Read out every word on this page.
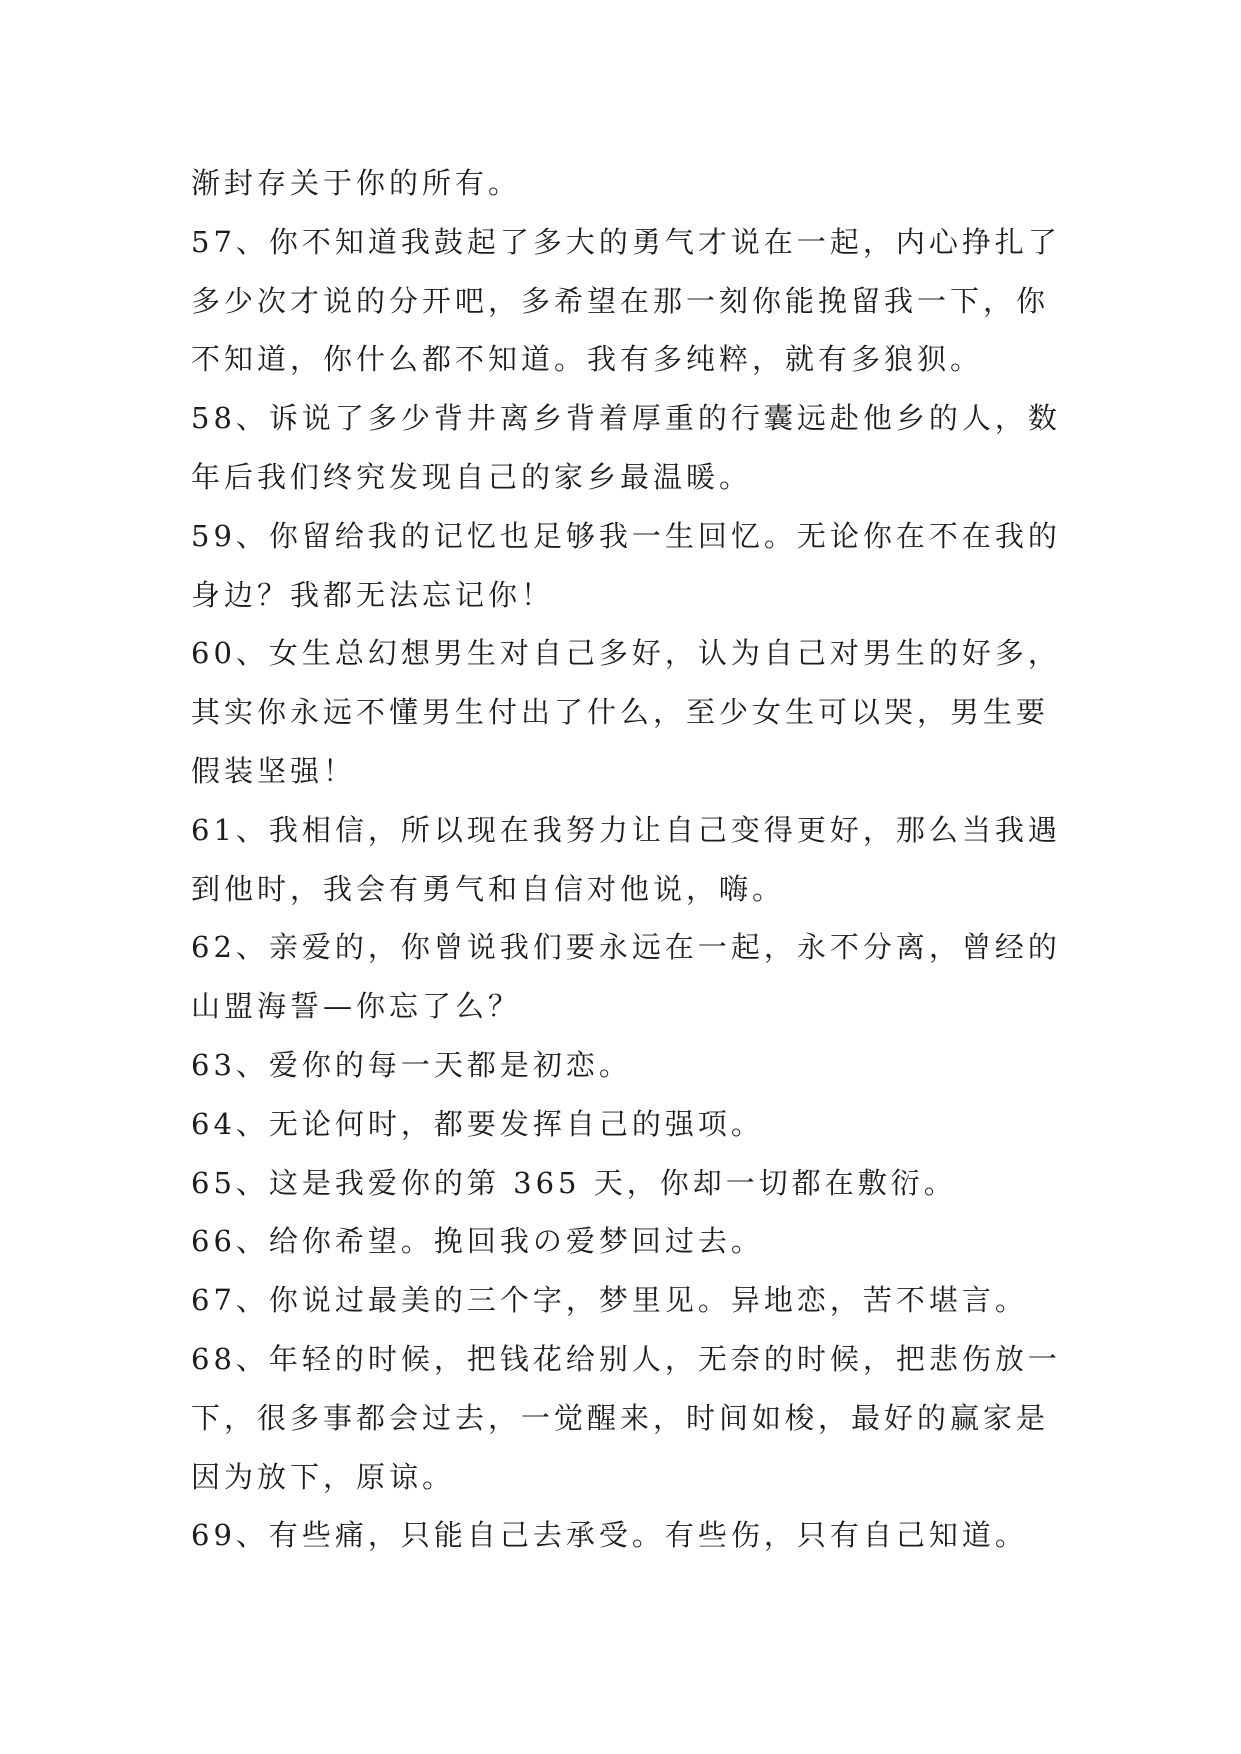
渐封存关于你的所有。
57、你不知道我鼓起了多大的勇气才说在一起，内心挣扎了
多少次才说的分开吧，多希望在那一刻你能挽留我一下，你
不知道，你什么都不知道。我有多纯粹，就有多狼狈。
58、诉说了多少背井离乡背着厚重的行囊远赴他乡的人，数
年后我们终究发现自己的家乡最温暖。
59、你留给我的记忆也足够我一生回忆。无论你在不在我的
身边？我都无法忘记你！
60、女生总幻想男生对自己多好，认为自己对男生的好多，
其实你永远不懂男生付出了什么，至少女生可以哭，男生要
假装坚强！
61、我相信，所以现在我努力让自己变得更好，那么当我遇
到他时，我会有勇气和自信对他说，嗨。
62、亲爱的，你曾说我们要永远在一起，永不分离，曾经的
山盟海誓—你忘了么？
63、爱你的每一天都是初恋。
64、无论何时，都要发挥自己的强项。
65、这是我爱你的第 365 天，你却一切都在敷衍。
66、给你希望。挽回我の爱梦回过去。
67、你说过最美的三个字，梦里见。异地恋，苦不堪言。
68、年轻的时候，把钱花给别人，无奈的时候，把悲伤放一
下，很多事都会过去，一觉醒来，时间如梭，最好的赢家是
因为放下，原谅。
69、有些痛，只能自己去承受。有些伤，只有自己知道。
